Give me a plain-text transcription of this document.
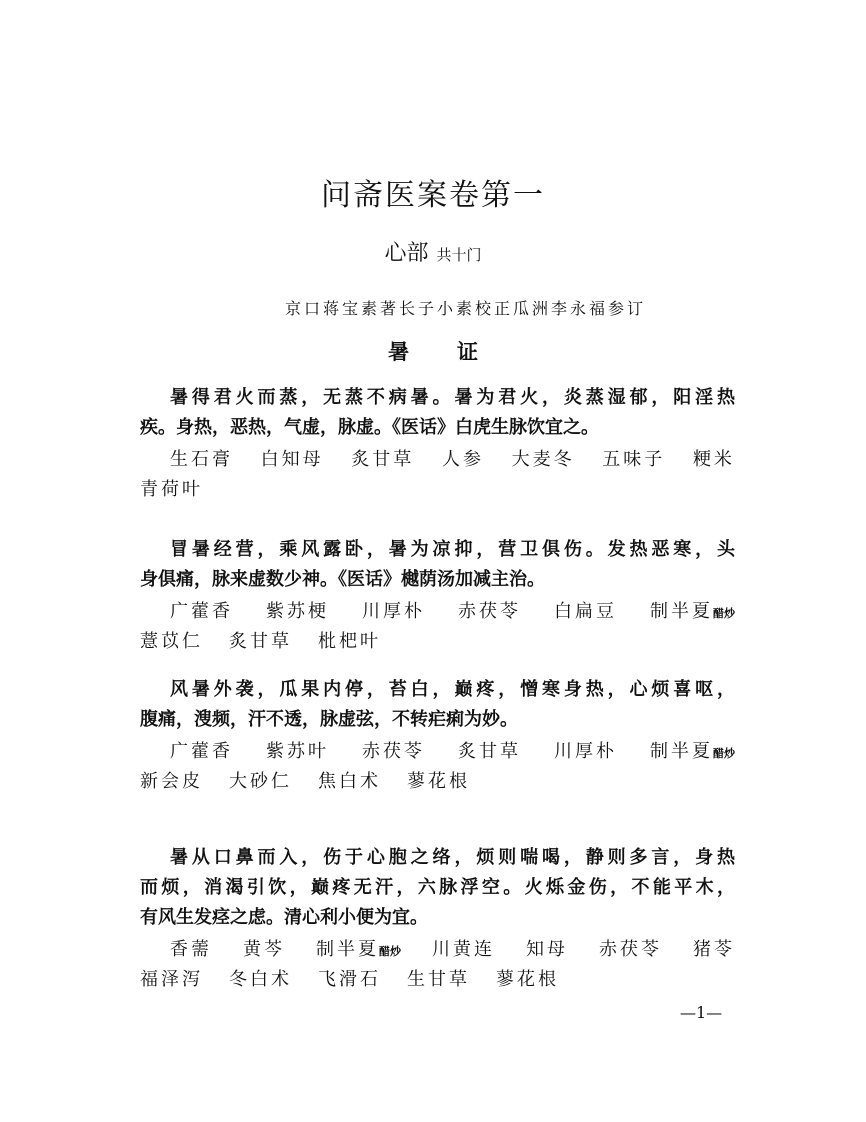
问斋医案卷第一
心部 共十门
京口蒋宝素著长子小素校正瓜洲李永福参订
暑 证
暑得君火而蒸，无蒸不病暑。暑为君火，炎蒸湿郁，阳淫热
疾。身热，恶热，气虚，脉虚。《医话》白虎生脉饮宜之。
生石膏 白知母 炙甘草 人参 大麦冬 五味子 粳米
青荷叶
冒暑经营，乘风露卧，暑为凉抑，营卫俱伤。发热恶寒，头
身俱痛，脉来虚数少神。《医话》樾荫汤加减主治。
广藿香 紫苏梗 川厚朴 赤茯苓 白扁豆 制半夏醋炒
薏苡仁 炙甘草 枇杷叶
风暑外袭，瓜果内停，苔白，巅疼，憎寒身热，心烦喜呕，
腹痛，溲频，汗不透，脉虚弦，不转疟痢为妙。
广藿香 紫苏叶 赤茯苓 炙甘草 川厚朴 制半夏醋炒
新会皮 大砂仁 焦白术 蓼花根
暑从口鼻而入，伤于心胞之络，烦则喘喝，静则多言，身热
而烦，消渴引饮，巅疼无汗，六脉浮空。火烁金伤，不能平木，
有风生发痉之虑。清心利小便为宜。
香薷 黄芩 制半夏醋炒 川黄连 知母 赤茯苓 猪苓
福泽泻 冬白术 飞滑石 生甘草 蓼花根
—1—
